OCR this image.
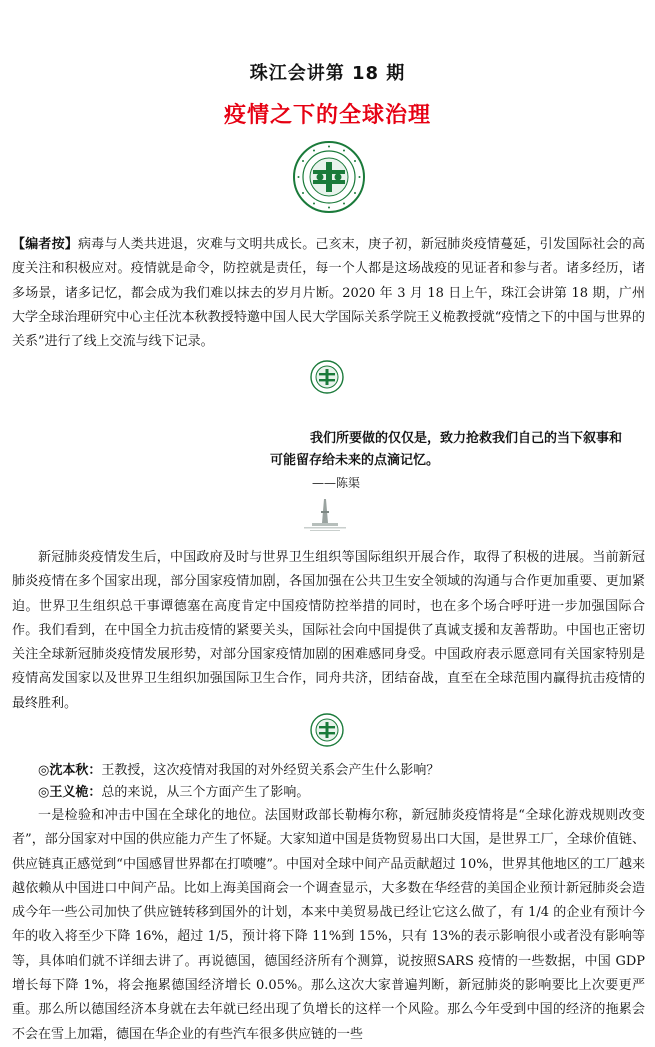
珠江会讲第 18 期
疫情之下的全球治理

【编者按】病毒与人类共进退，灾难与文明共成长。己亥末，庚子初，新冠肺炎疫情蔓延，引发国际社会的高度关注和积极应对。疫情就是命令，防控就是责任，每一个人都是这场战疫的见证者和参与者。诸多经历，诸多场景，诸多记忆，都会成为我们难以抹去的岁月片断。2020 年 3 月 18 日上午，珠江会讲第 18 期，广州大学全球治理研究中心主任沈本秋教授特邀中国人民大学国际关系学院王义桅教授就“疫情之下的中国与世界的关系”进行了线上交流与线下记录。

我们所要做的仅仅是，致力抢救我们自己的当下叙事和
可能留存给未来的点滴记忆。

——陈渠

新冠肺炎疫情发生后，中国政府及时与世界卫生组织等国际组织开展合作，取得了积极的进展。当前新冠肺炎疫情在多个国家出现，部分国家疫情加剧，各国加强在公共卫生安全领域的沟通与合作更加重要、更加紧迫。世界卫生组织总干事谭德塞在高度肯定中国疫情防控举措的同时，也在多个场合呼吁进一步加强国际合作。我们看到，在中国全力抗击疫情的紧要关头，国际社会向中国提供了真诚支援和友善帮助。中国也正密切关注全球新冠肺炎疫情发展形势，对部分国家疫情加剧的困难感同身受。中国政府表示愿意同有关国家特别是疫情高发国家以及世界卫生组织加强国际卫生合作，同舟共济，团结奋战，直至在全球范围内赢得抗击疫情的最终胜利。

◎沈本秋：王教授，这次疫情对我国的对外经贸关系会产生什么影响？

◎王义桅：总的来说，从三个方面产生了影响。

一是检验和冲击中国在全球化的地位。法国财政部长勒梅尔称，新冠肺炎疫情将是“全球化游戏规则改变者”，部分国家对中国的供应能力产生了怀疑。大家知道中国是货物贸易出口大国，是世界工厂，全球价值链、供应链真正感觉到“中国感冒世界都在打喷嚏”。中国对全球中间产品贡献超过 10%，世界其他地区的工厂越来越依赖从中国进口中间产品。比如上海美国商会一个调查显示，大多数在华经营的美国企业预计新冠肺炎会造成今年一些公司加快了供应链转移到国外的计划，本来中美贸易战已经让它这么做了，有 1/4 的企业有预计今年的收入将至少下降 16%，超过 1/5，预计将下降 11%到 15%，只有 13%的表示影响很小或者没有影响等等，具体咱们就不详细去讲了。再说德国，德国经济所有个测算，说按照SARS 疫情的一些数据，中国 GDP 增长每下降 1%，将会拖累德国经济增长 0.05%。那么这次大家普遍判断，新冠肺炎的影响要比上次要更严重。那么所以德国经济本身就在去年就已经出现了负增长的这样一个风险。那么今年受到中国的经济的拖累会不会在雪上加霜，德国在华企业的有些汽车很多供应链的一些
